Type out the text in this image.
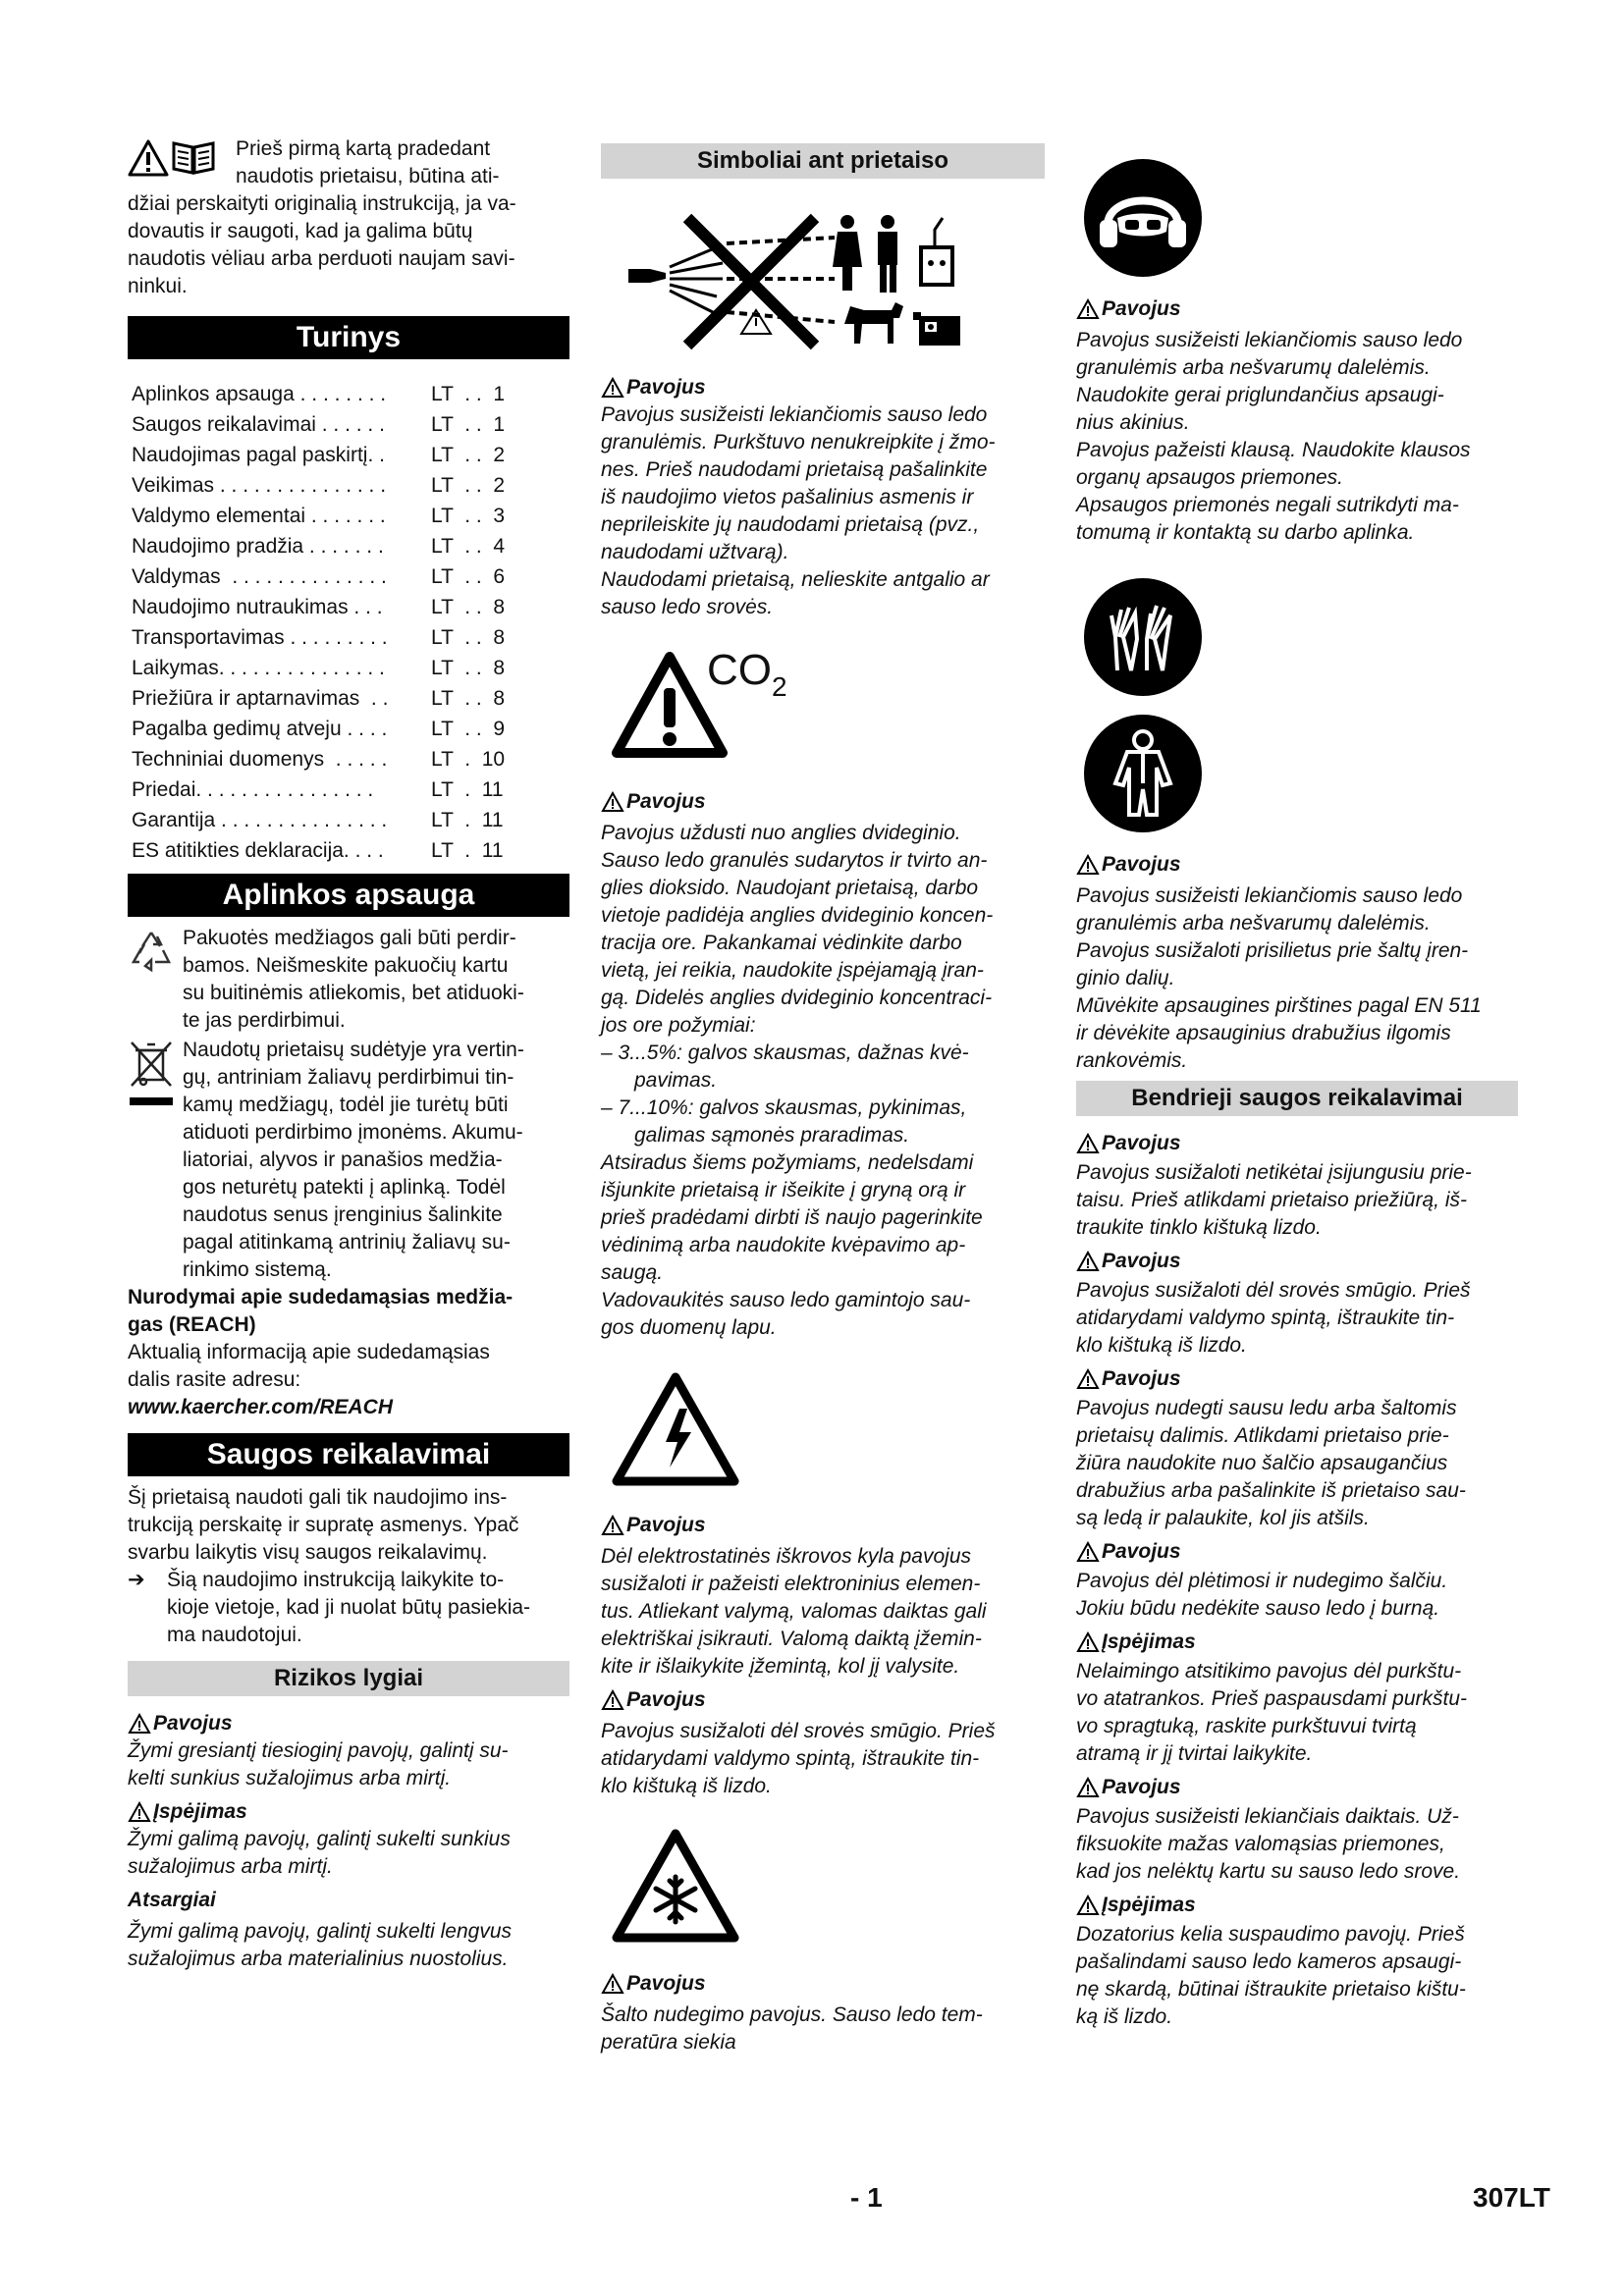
Prieš pirmą kartą pradedant

naudotis prietaisu, būtina ati-

džiai perskaityti originalią instrukciją, ja va-

dovautis ir saugoti, kad ja galima būtų

naudotis vėliau arba perduoti naujam savi-

ninkui.

Turinys
Aplinkos apsauga . . . . . . . .	LT  . .  1
Saugos reikalavimai . . . . . .	LT  . .  1
Naudojimas pagal paskirtį. .	LT  . .  2
Veikimas . . . . . . . . . . . . . . .	LT  . .  2
Valdymo elementai . . . . . . .	LT  . .  3
Naudojimo pradžia . . . . . . .	LT  . .  4
Valdymas  . . . . . . . . . . . . . .	LT  . .  6
Naudojimo nutraukimas . . .	LT  . .  8
Transportavimas . . . . . . . . .	LT  . .  8
Laikymas. . . . . . . . . . . . . . .	LT  . .  8
Priežiūra ir aptarnavimas  . .	LT  . .  8
Pagalba gedimų atveju . . . .	LT  . .  9
Techniniai duomenys  . . . . .	LT  .  10
Priedai. . . . . . . . . . . . . . . .	LT  .  11
Garantija . . . . . . . . . . . . . . .	LT  .  11
ES atitikties deklaracija. . . .	LT  .  11
Aplinkos apsauga

Pakuotės medžiagos gali būti perdir-

bamos. Neišmeskite pakuočių kartu

su buitinėmis atliekomis, bet atiduoki-

te jas perdirbimui.

Naudotų prietaisų sudėtyje yra vertin-

gų, antriniam žaliavų perdirbimui tin-

kamų medžiagų, todėl jie turėtų būti

atiduoti perdirbimo įmonėms. Akumu-

liatoriai, alyvos ir panašios medžia-

gos neturėtų patekti į aplinką. Todėl

naudotus senus įrenginius šalinkite

pagal atitinkamą antrinių žaliavų su-

rinkimo sistemą.

Nurodymai apie sudedamąsias medžia-

gas (REACH)

Aktualią informaciją apie sudedamąsias

dalis rasite adresu:

www.kaercher.com/REACH

Saugos reikalavimai

Šį prietaisą naudoti gali tik naudojimo ins-

trukciją perskaitę ir supratę asmenys. Ypač

svarbu laikytis visų saugos reikalavimų.

➔ Šią naudojimo instrukciją laikykite to-

kioje vietoje, kad ji nuolat būtų pasiekia-

ma naudotojui.

Rizikos lygiai

Pavojus

Žymi gresiantį tiesioginį pavojų, galintį su-

kelti sunkius sužalojimus arba mirtį.

Įspėjimas

Žymi galimą pavojų, galintį sukelti sunkius

sužalojimus arba mirtį.

Atsargiai

Žymi galimą pavojų, galintį sukelti lengvus

sužalojimus arba materialinius nuostolius.

Simboliai ant prietaiso

Pavojus

Pavojus susižeisti lekiančiomis sauso ledo

granulėmis. Purkštuvo nenukreipkite į žmo-

nes. Prieš naudodami prietaisą pašalinkite

iš naudojimo vietos pašalinius asmenis ir

neprileiskite jų naudodami prietaisą (pvz.,

naudodami užtvarą).

Naudodami prietaisą, nelieskite antgalio ar

sauso ledo srovės.

$CO_2$

Pavojus

Pavojus uždusti nuo anglies dvideginio.

Sauso ledo granulės sudarytos ir tvirto an-

glies dioksido. Naudojant prietaisą, darbo

vietoje padidėja anglies dvideginio koncen-

tracija ore. Pakankamai vėdinkite darbo

vietą, jei reikia, naudokite įspėjamąją įran-

gą. Didelės anglies dvideginio koncentraci-

jos ore požymiai:

– 3...5%: galvos skausmas, dažnas kvė-

pavimas.

– 7...10%: galvos skausmas, pykinimas,

galimas sąmonės praradimas.

Atsiradus šiems požymiams, nedelsdami

išjunkite prietaisą ir išeikite į gryną orą ir

prieš pradėdami dirbti iš naujo pagerinkite

vėdinimą arba naudokite kvėpavimo ap-

saugą.

Vadovaukitės sauso ledo gamintojo sau-

gos duomenų lapu.

Pavojus

Dėl elektrostatinės iškrovos kyla pavojus

susižaloti ir pažeisti elektroninius elemen-

tus. Atliekant valymą, valomas daiktas gali

elektriškai įsikrauti. Valomą daiktą įžemin-

kite ir išlaikykite įžemintą, kol jį valysite.

Pavojus

Pavojus susižaloti dėl srovės smūgio. Prieš

atidarydami valdymo spintą, ištraukite tin-

klo kištuką iš lizdo.

Pavojus

Šalto nudegimo pavojus. Sauso ledo tem-

peratūra siekia

Pavojus

Pavojus susižeisti lekiančiomis sauso ledo

granulėmis arba nešvarumų dalelėmis.

Naudokite gerai priglundančius apsaugi-

nius akinius.

Pavojus pažeisti klausą. Naudokite klausos

organų apsaugos priemones.

Apsaugos priemonės negali sutrikdyti ma-

tomumą ir kontaktą su darbo aplinka.

Pavojus

Pavojus susižeisti lekiančiomis sauso ledo

granulėmis arba nešvarumų dalelėmis.

Pavojus susižaloti prisilietus prie šaltų įren-

ginio dalių.

Mūvėkite apsaugines pirštines pagal EN 511

ir dėvėkite apsauginius drabužius ilgomis

rankovėmis.

Bendrieji saugos reikalavimai

Pavojus

Pavojus susižaloti netikėtai įsijungusiu prie-

taisu. Prieš atlikdami prietaiso priežiūrą, iš-

traukite tinklo kištuką lizdo.

Pavojus

Pavojus susižaloti dėl srovės smūgio. Prieš

atidarydami valdymo spintą, ištraukite tin-

klo kištuką iš lizdo.

Pavojus

Pavojus nudegti sausu ledu arba šaltomis

prietaisų dalimis. Atlikdami prietaiso prie-

žiūra naudokite nuo šalčio apsaugančius

drabužius arba pašalinkite iš prietaiso sau-

są ledą ir palaukite, kol jis atšils.

Pavojus

Pavojus dėl plėtimosi ir nudegimo šalčiu.

Jokiu būdu nedėkite sauso ledo į burną.

Įspėjimas

Nelaimingo atsitikimo pavojus dėl purkštu-

vo atatrankos. Prieš paspausdami purkštu-

vo spragtuką, raskite purkštuvui tvirtą

atramą ir jį tvirtai laikykite.

Pavojus

Pavojus susižeisti lekiančiais daiktais. Už-

fiksuokite mažas valomąsias priemones,

kad jos nelėktų kartu su sauso ledo srove.

Įspėjimas

Dozatorius kelia suspaudimo pavojų. Prieš

pašalindami sauso ledo kameros apsaugi-

nę skardą, būtinai ištraukite prietaiso kištu-

ką iš lizdo.

- 1	307LT
